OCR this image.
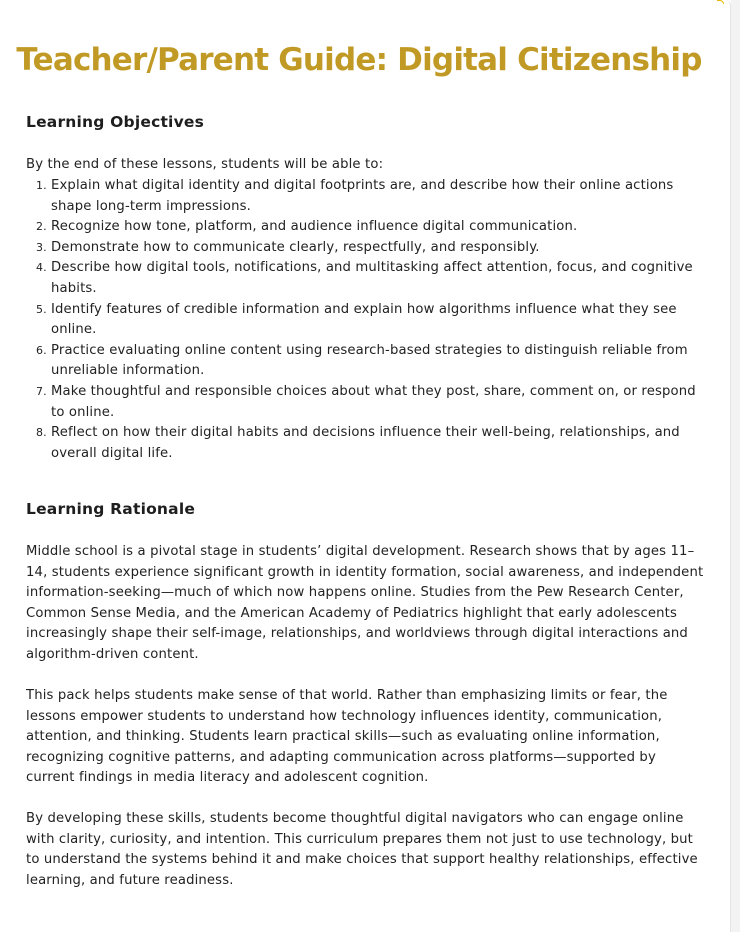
Teacher/Parent Guide: Digital Citizenship
Learning Objectives

By the end of these lessons, students will be able to:

1. Explain what digital identity and digital footprints are, and describe how their online actions shape long-term impressions.
2. Recognize how tone, platform, and audience influence digital communication.
3. Demonstrate how to communicate clearly, respectfully, and responsibly.
4. Describe how digital tools, notifications, and multitasking affect attention, focus, and cognitive habits.
5. Identify features of credible information and explain how algorithms influence what they see online.
6. Practice evaluating online content using research-based strategies to distinguish reliable from unreliable information.
7. Make thoughtful and responsible choices about what they post, share, comment on, or respond to online.
8. Reflect on how their digital habits and decisions influence their well-being, relationships, and overall digital life.
Learning Rationale

Middle school is a pivotal stage in students’ digital development. Research shows that by ages 11–14, students experience significant growth in identity formation, social awareness, and independent information-seeking—much of which now happens online. Studies from the Pew Research Center, Common Sense Media, and the American Academy of Pediatrics highlight that early adolescents increasingly shape their self-image, relationships, and worldviews through digital interactions and algorithm-driven content.

This pack helps students make sense of that world. Rather than emphasizing limits or fear, the lessons empower students to understand how technology influences identity, communication, attention, and thinking. Students learn practical skills—such as evaluating online information, recognizing cognitive patterns, and adapting communication across platforms—supported by current findings in media literacy and adolescent cognition.

By developing these skills, students become thoughtful digital navigators who can engage online with clarity, curiosity, and intention. This curriculum prepares them not just to use technology, but to understand the systems behind it and make choices that support healthy relationships, effective learning, and future readiness.
